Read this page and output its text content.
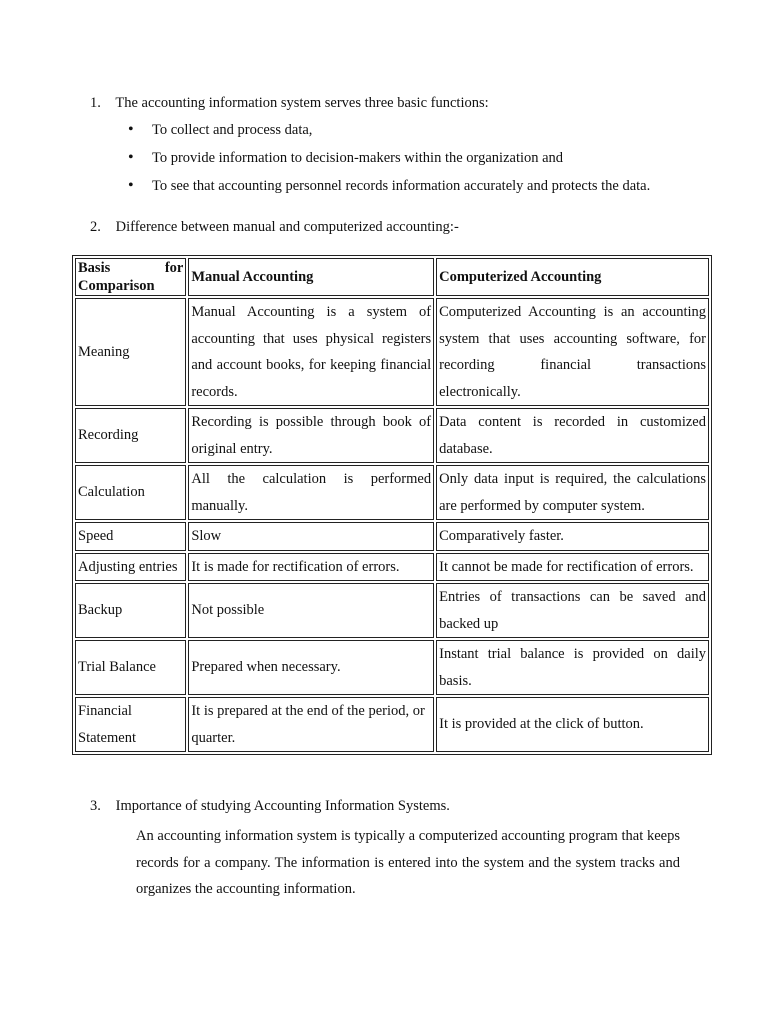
1. The accounting information system serves three basic functions:
• To collect and process data,
• To provide information to decision-makers within the organization and
• To see that accounting personnel records information accurately and protects the data.
2. Difference between manual and computerized accounting:-
Basis for
Comparison	Manual Accounting	Computerized Accounting
Meaning	Manual Accounting is a system of accounting that uses physical registers and account books, for keeping financial records.	Computerized Accounting is an accounting system that uses accounting software, for recording financial transactions electronically.
Recording	Recording is possible through book of original entry.	Data content is recorded in customized database.
Calculation	All the calculation is performed manually.	Only data input is required, the calculations are performed by computer system.
Speed	Slow	Comparatively faster.
Adjusting entries	It is made for rectification of errors.	It cannot be made for rectification of errors.
Backup	Not possible	Entries of transactions can be saved and backed up
Trial Balance	Prepared when necessary.	Instant trial balance is provided on daily basis.
Financial Statement	It is prepared at the end of the period, or quarter.	It is provided at the click of button.
3. Importance of studying Accounting Information Systems.

An accounting information system is typically a computerized accounting program that keeps records for a company. The information is entered into the system and the system tracks and organizes the accounting information.
